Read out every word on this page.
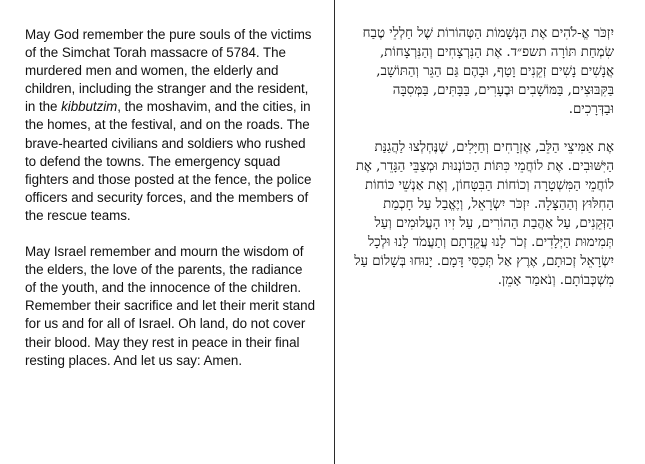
May God remember the pure souls of the victims of the Simchat Torah massacre of 5784. The murdered men and women, the elderly and children, including the stranger and the resident, in the kibbutzim, the moshavim, and the cities, in the homes, at the festival, and on the roads. The brave-hearted civilians and soldiers who rushed to defend the towns. The emergency squad fighters and those posted at the fence, the police officers and security forces, and the members of the rescue teams.

May Israel remember and mourn the wisdom of the elders, the love of the parents, the radiance of the youth, and the innocence of the children. Remember their sacrifice and let their merit stand for us and for all of Israel. Oh land, do not cover their blood. May they rest in peace in their final resting places. And let us say: Amen.

יִזְכֹּר אֱ-לֹהִים אֶת הַנְּשָׁמוֹת הַטְּהוֹרוֹת שֶׁל חַלְלֵי טֶבַח שִׂמְחַת תּוֹרָה תשפ״ד. אֶת הַנִּרְצָחִים וְהַנִּרְצָחוֹת, אֲנָשִׁים נָשִׁים זְקֵנִים וָטַף, וּבָהֶם גַּם הַגֵּר וְהַתּוֹשָׁב, בַּקִּבּוּצִים, בַּמּוֹשָׁבִים וּבֶעָרִים, בַּבָּתִּים, בַּמְּסִבָּה וּבַדְּרָכִים.

אֶת אַמִּיצֵי הַלֵּב, אֶזְרָחִים וְחַיָּלִים, שֶׁנֶּחְלְצוּ לַהֲגַנַּת הַיִּשּׁוּבִים. אֶת לוֹחֲמֵי כִּתּוֹת הַכּוֹנְנוּת וּמְצַבֵּי הַגָּדֵר, אֶת לוֹחֲמֵי הַמִּשְׁטָרָה וְכוֹחוֹת הַבִּטָּחוֹן, וְאֶת אַנְשֵׁי כּוֹחוֹת הַחִלּוּץ וְהַהַצָּלָה. יִזְכֹּר יִשְׂרָאֵל, וְיֶאֱבַל עַל חָכְמַת הַזְּקֵנִים, עַל אַהֲבַת הַהוֹרִים, עַל זִיו הָעֲלוּמִים וְעַל תְּמִימוּת הַיְּלָדִים. זְכֹר לָנוּ עֲקֵדָתָם וְתַעֲמֹד לָנוּ וּלְכָל יִשְׂרָאֵל זְכוּתָם, אֶרֶץ אַל תְּכַסִּי דָּמָם. יָנוּחוּ בְּשָׁלוֹם עַל מִשְׁכְּבוֹתָם. וְנֹאמַר אָמֵן.
